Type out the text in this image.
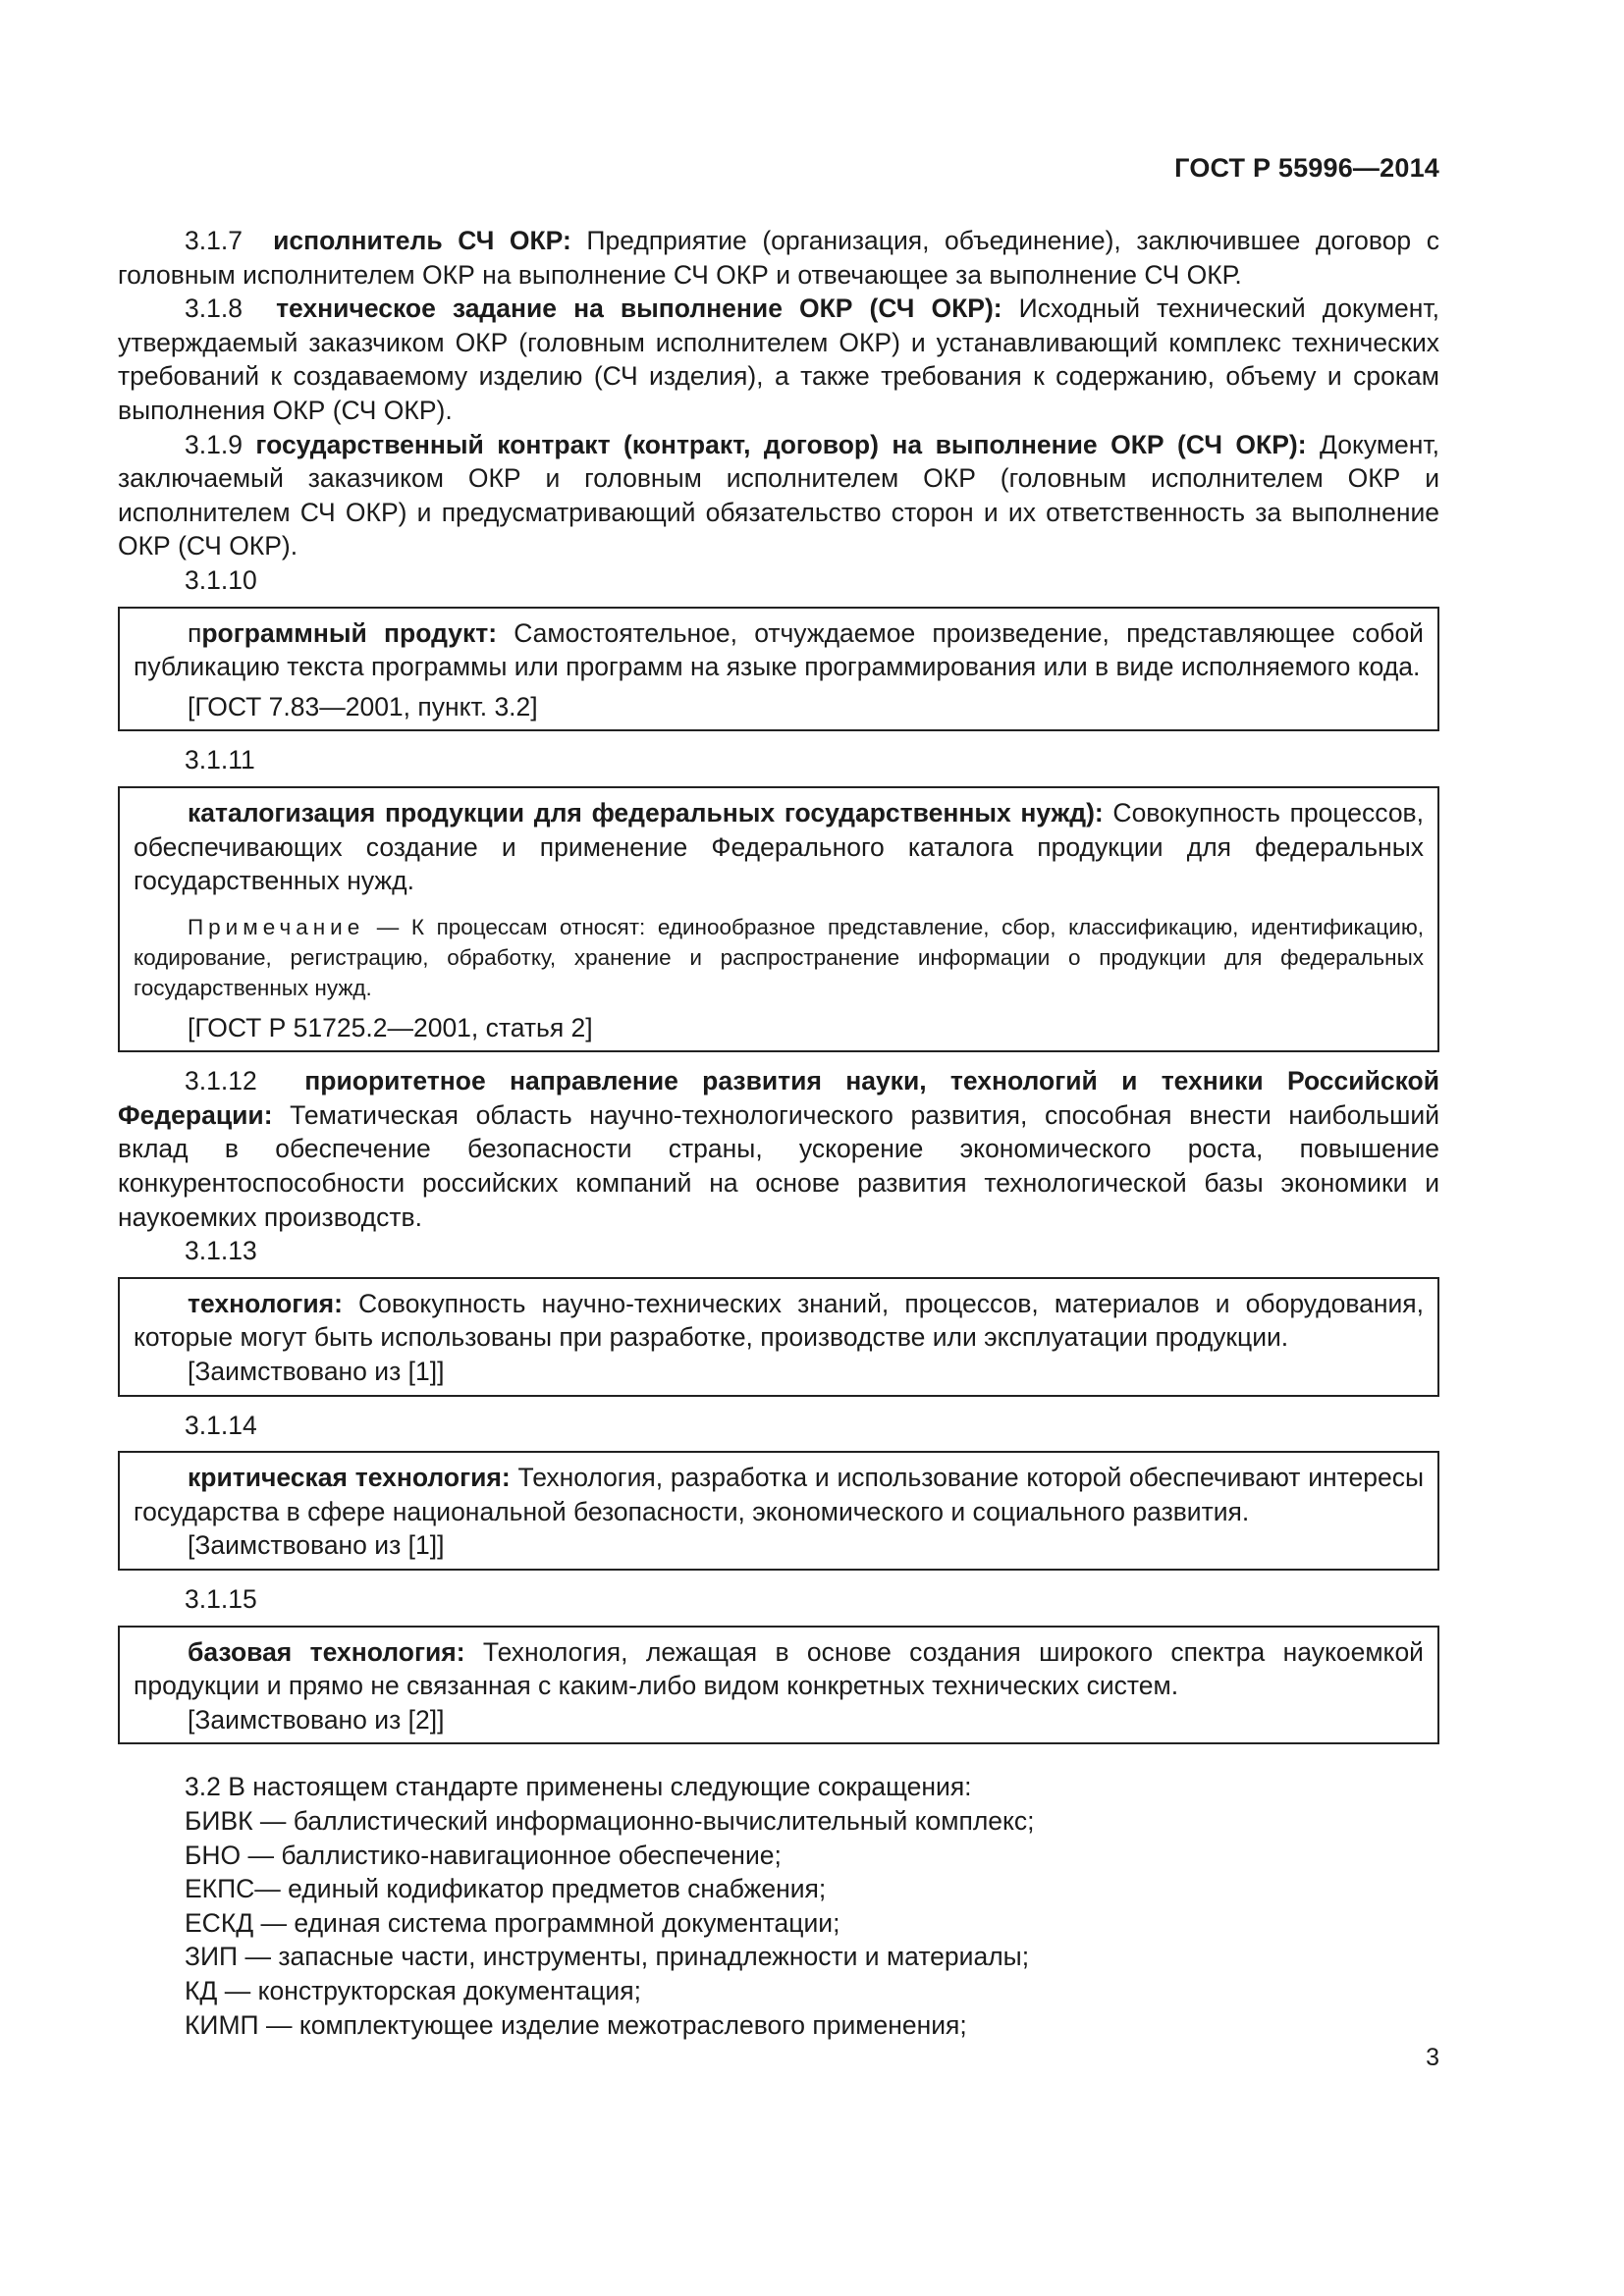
ГОСТ Р 55996—2014

3.1.7 исполнитель СЧ ОКР: Предприятие (организация, объединение), заключившее договор с головным исполнителем ОКР на выполнение СЧ ОКР и отвечающее за выполнение СЧ ОКР.

3.1.8 техническое задание на выполнение ОКР (СЧ ОКР): Исходный технический документ, утверждаемый заказчиком ОКР (головным исполнителем ОКР) и устанавливающий комплекс технических требований к создаваемому изделию (СЧ изделия), а также требования к содержанию, объему и срокам выполнения ОКР (СЧ ОКР).

3.1.9 государственный контракт (контракт, договор) на выполнение ОКР (СЧ ОКР): Документ, заключаемый заказчиком ОКР и головным исполнителем ОКР (головным исполнителем ОКР и исполнителем СЧ ОКР) и предусматривающий обязательство сторон и их ответственность за выполнение ОКР (СЧ ОКР).

3.1.10

программный продукт: Самостоятельное, отчуждаемое произведение, представляющее собой публикацию текста программы или программ на языке программирования или в виде исполняемого кода.

[ГОСТ 7.83—2001, пункт. 3.2]

3.1.11

каталогизация продукции для федеральных государственных нужд): Совокупность процессов, обеспечивающих создание и применение Федерального каталога продукции для федеральных государственных нужд.

Примечание — К процессам относят: единообразное представление, сбор, классификацию, идентификацию, кодирование, регистрацию, обработку, хранение и распространение информации о продукции для федеральных государственных нужд.

[ГОСТ Р 51725.2—2001, статья 2]

3.1.12 приоритетное направление развития науки, технологий и техники Российской Федерации: Тематическая область научно-технологического развития, способная внести наибольший вклад в обеспечение безопасности страны, ускорение экономического роста, повышение конкурентоспособности российских компаний на основе развития технологической базы экономики и наукоемких производств.

3.1.13

технология: Совокупность научно-технических знаний, процессов, материалов и оборудования, которые могут быть использованы при разработке, производстве или эксплуатации продукции.

[Заимствовано из [1]]

3.1.14

критическая технология: Технология, разработка и использование которой обеспечивают интересы государства в сфере национальной безопасности, экономического и социального развития.

[Заимствовано из [1]]

3.1.15

базовая технология: Технология, лежащая в основе создания широкого спектра наукоемкой продукции и прямо не связанная с каким-либо видом конкретных технических систем.

[Заимствовано из [2]]

3.2 В настоящем стандарте применены следующие сокращения:

БИВК — баллистический информационно-вычислительный комплекс;

БНО — баллистико-навигационное обеспечение;

ЕКПС— единый кодификатор предметов снабжения;

ЕСКД — единая система программной документации;

ЗИП — запасные части, инструменты, принадлежности и материалы;

КД — конструкторская документация;

КИМП — комплектующее изделие межотраслевого применения;

3
